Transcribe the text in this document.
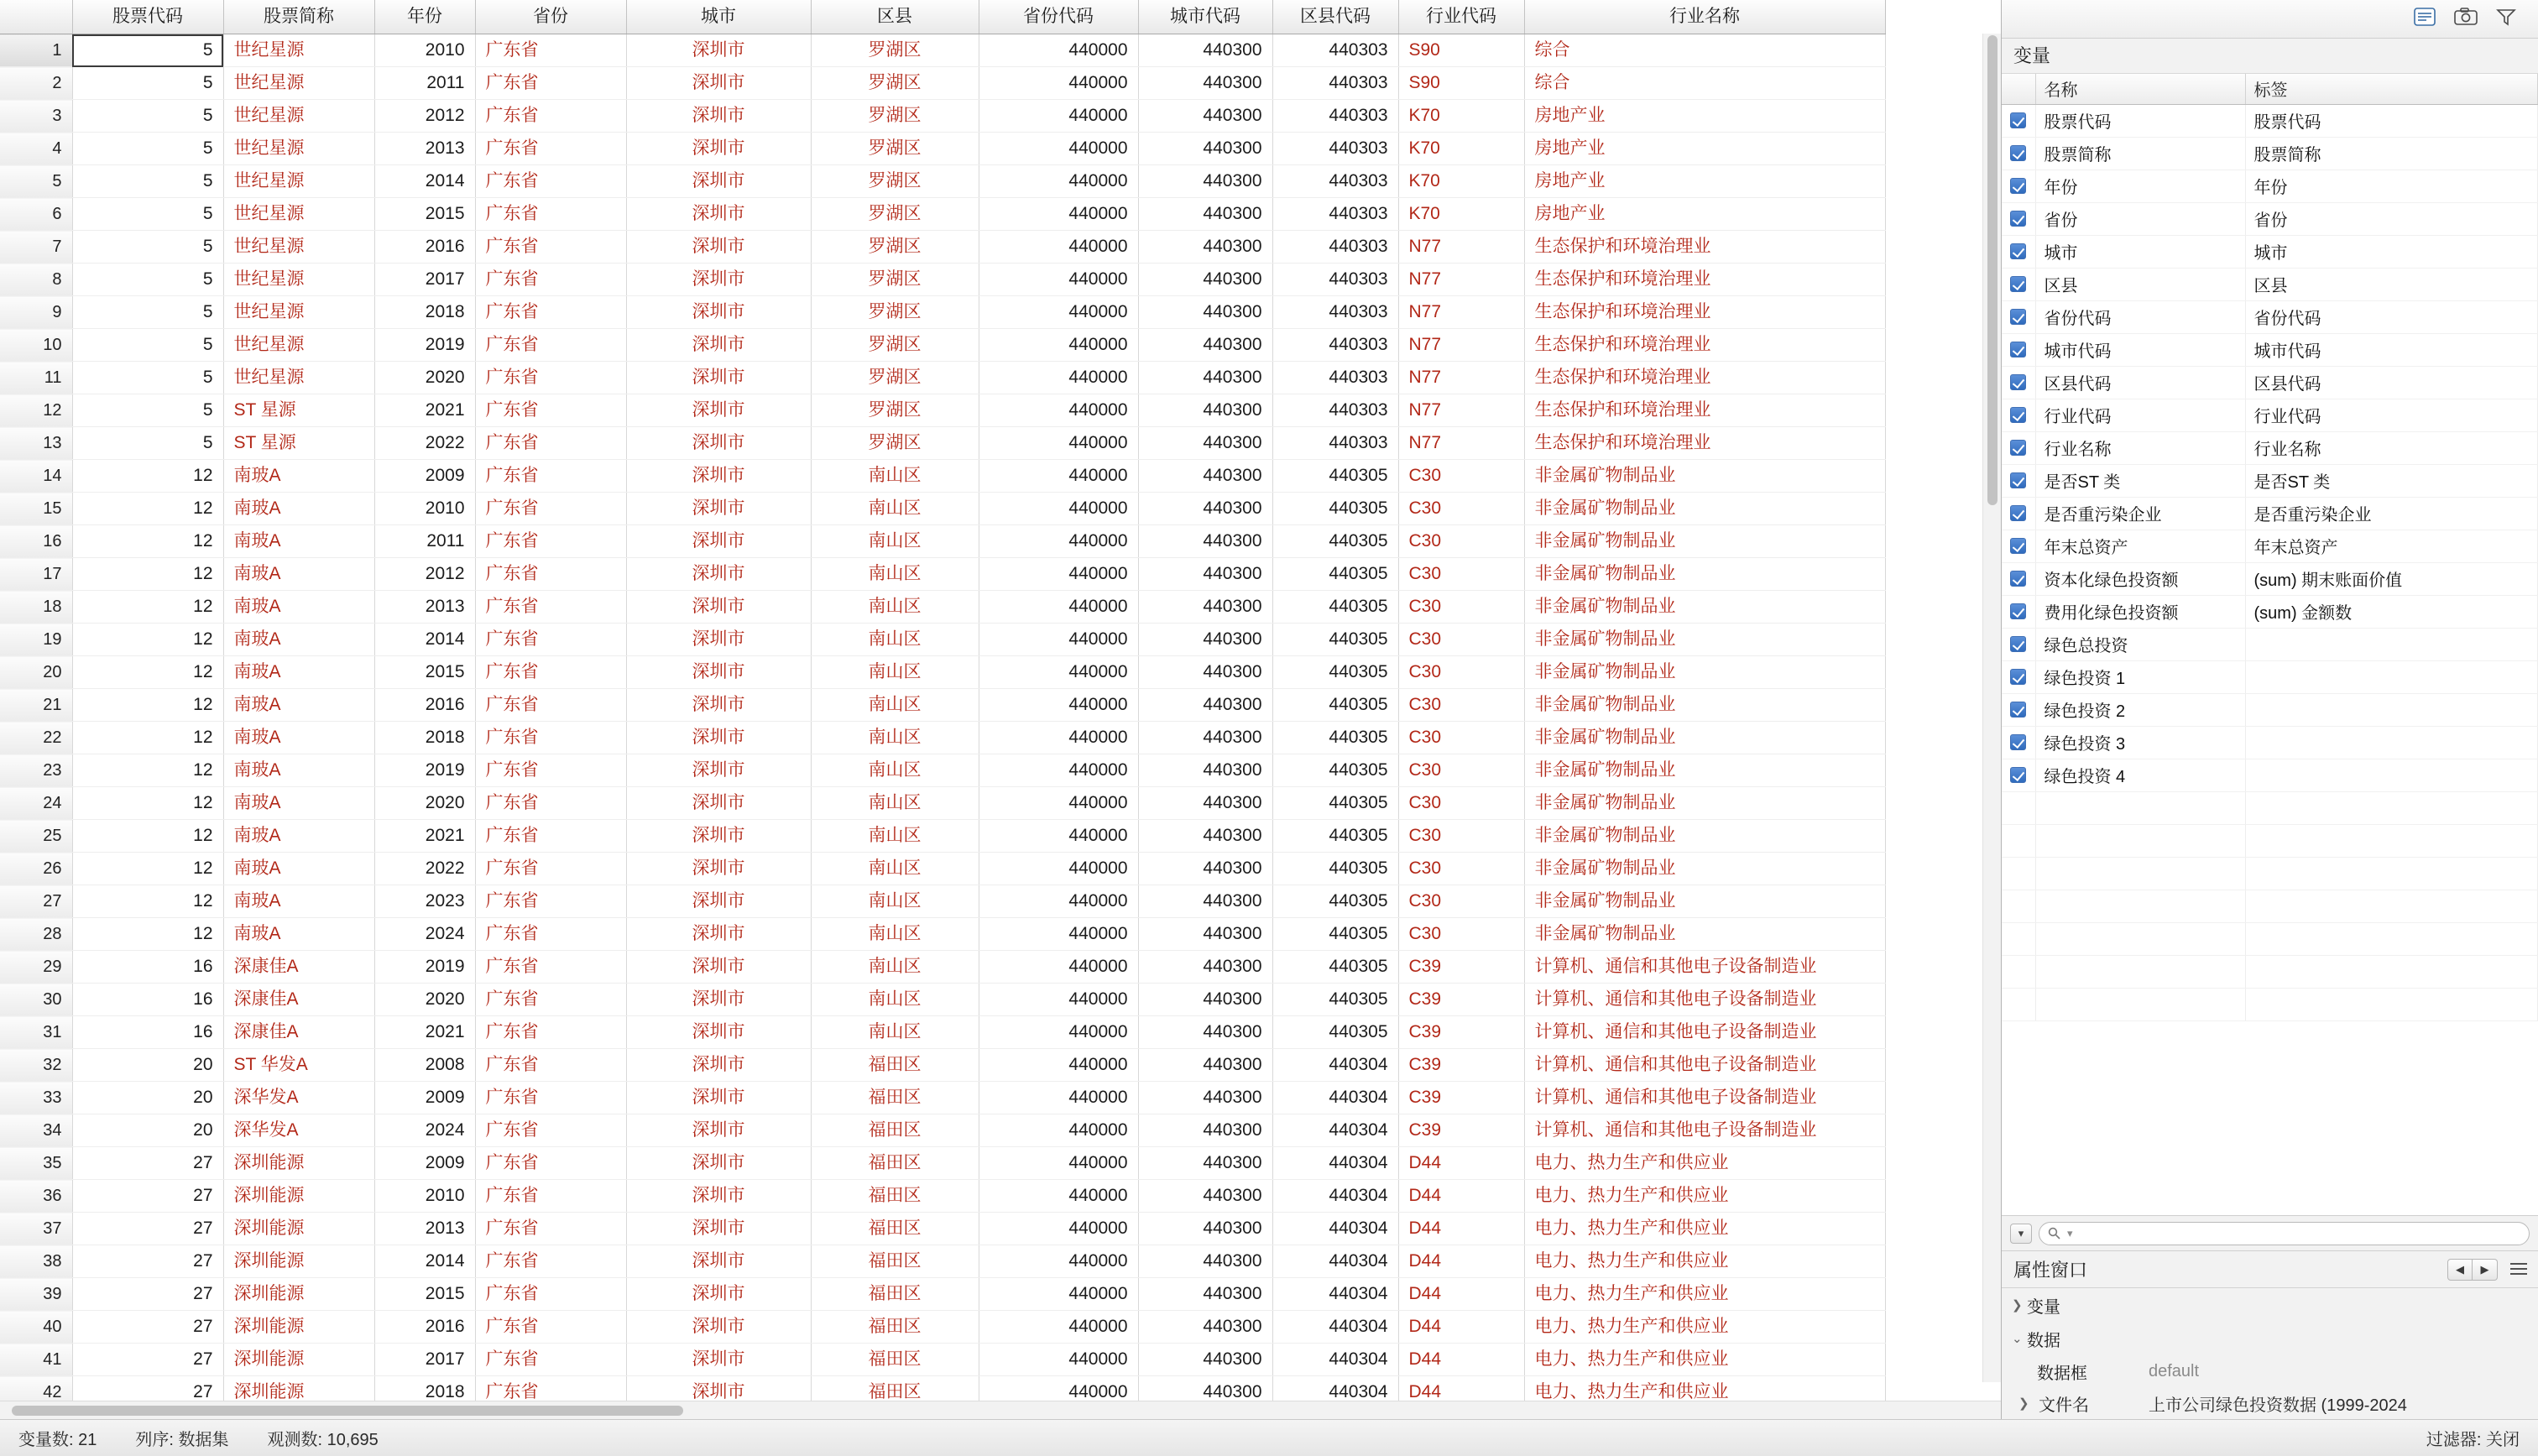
	股票代码	股票简称	年份	省份	城市	区县	省份代码	城市代码	区县代码	行业代码	行业名称
1	5	世纪星源	2010	广东省	深圳市	罗湖区	440000	440300	440303	S90	综合
2	5	世纪星源	2011	广东省	深圳市	罗湖区	440000	440300	440303	S90	综合
3	5	世纪星源	2012	广东省	深圳市	罗湖区	440000	440300	440303	K70	房地产业
4	5	世纪星源	2013	广东省	深圳市	罗湖区	440000	440300	440303	K70	房地产业
5	5	世纪星源	2014	广东省	深圳市	罗湖区	440000	440300	440303	K70	房地产业
6	5	世纪星源	2015	广东省	深圳市	罗湖区	440000	440300	440303	K70	房地产业
7	5	世纪星源	2016	广东省	深圳市	罗湖区	440000	440300	440303	N77	生态保护和环境治理业
8	5	世纪星源	2017	广东省	深圳市	罗湖区	440000	440300	440303	N77	生态保护和环境治理业
9	5	世纪星源	2018	广东省	深圳市	罗湖区	440000	440300	440303	N77	生态保护和环境治理业
10	5	世纪星源	2019	广东省	深圳市	罗湖区	440000	440300	440303	N77	生态保护和环境治理业
11	5	世纪星源	2020	广东省	深圳市	罗湖区	440000	440300	440303	N77	生态保护和环境治理业
12	5	ST 星源	2021	广东省	深圳市	罗湖区	440000	440300	440303	N77	生态保护和环境治理业
13	5	ST 星源	2022	广东省	深圳市	罗湖区	440000	440300	440303	N77	生态保护和环境治理业
14	12	南玻A	2009	广东省	深圳市	南山区	440000	440300	440305	C30	非金属矿物制品业
15	12	南玻A	2010	广东省	深圳市	南山区	440000	440300	440305	C30	非金属矿物制品业
16	12	南玻A	2011	广东省	深圳市	南山区	440000	440300	440305	C30	非金属矿物制品业
17	12	南玻A	2012	广东省	深圳市	南山区	440000	440300	440305	C30	非金属矿物制品业
18	12	南玻A	2013	广东省	深圳市	南山区	440000	440300	440305	C30	非金属矿物制品业
19	12	南玻A	2014	广东省	深圳市	南山区	440000	440300	440305	C30	非金属矿物制品业
20	12	南玻A	2015	广东省	深圳市	南山区	440000	440300	440305	C30	非金属矿物制品业
21	12	南玻A	2016	广东省	深圳市	南山区	440000	440300	440305	C30	非金属矿物制品业
22	12	南玻A	2018	广东省	深圳市	南山区	440000	440300	440305	C30	非金属矿物制品业
23	12	南玻A	2019	广东省	深圳市	南山区	440000	440300	440305	C30	非金属矿物制品业
24	12	南玻A	2020	广东省	深圳市	南山区	440000	440300	440305	C30	非金属矿物制品业
25	12	南玻A	2021	广东省	深圳市	南山区	440000	440300	440305	C30	非金属矿物制品业
26	12	南玻A	2022	广东省	深圳市	南山区	440000	440300	440305	C30	非金属矿物制品业
27	12	南玻A	2023	广东省	深圳市	南山区	440000	440300	440305	C30	非金属矿物制品业
28	12	南玻A	2024	广东省	深圳市	南山区	440000	440300	440305	C30	非金属矿物制品业
29	16	深康佳A	2019	广东省	深圳市	南山区	440000	440300	440305	C39	计算机、通信和其他电子设备制造业
30	16	深康佳A	2020	广东省	深圳市	南山区	440000	440300	440305	C39	计算机、通信和其他电子设备制造业
31	16	深康佳A	2021	广东省	深圳市	南山区	440000	440300	440305	C39	计算机、通信和其他电子设备制造业
32	20	ST 华发A	2008	广东省	深圳市	福田区	440000	440300	440304	C39	计算机、通信和其他电子设备制造业
33	20	深华发A	2009	广东省	深圳市	福田区	440000	440300	440304	C39	计算机、通信和其他电子设备制造业
34	20	深华发A	2024	广东省	深圳市	福田区	440000	440300	440304	C39	计算机、通信和其他电子设备制造业
35	27	深圳能源	2009	广东省	深圳市	福田区	440000	440300	440304	D44	电力、热力生产和供应业
36	27	深圳能源	2010	广东省	深圳市	福田区	440000	440300	440304	D44	电力、热力生产和供应业
37	27	深圳能源	2013	广东省	深圳市	福田区	440000	440300	440304	D44	电力、热力生产和供应业
38	27	深圳能源	2014	广东省	深圳市	福田区	440000	440300	440304	D44	电力、热力生产和供应业
39	27	深圳能源	2015	广东省	深圳市	福田区	440000	440300	440304	D44	电力、热力生产和供应业
40	27	深圳能源	2016	广东省	深圳市	福田区	440000	440300	440304	D44	电力、热力生产和供应业
41	27	深圳能源	2017	广东省	深圳市	福田区	440000	440300	440304	D44	电力、热力生产和供应业
42	27	深圳能源	2018	广东省	深圳市	福田区	440000	440300	440304	D44	电力、热力生产和供应业
变量
	名称	标签
	股票代码	股票代码
	股票简称	股票简称
	年份	年份
	省份	省份
	城市	城市
	区县	区县
	省份代码	省份代码
	城市代码	城市代码
	区县代码	区县代码
	行业代码	行业代码
	行业名称	行业名称
	是否ST 类	是否ST 类
	是否重污染企业	是否重污染企业
	年末总资产	年末总资产
	资本化绿色投资额	(sum) 期末账面价值
	费用化绿色投资额	(sum) 金额数
	绿色总投资	
	绿色投资 1	
	绿色投资 2	
	绿色投资 3	
	绿色投资 4	

▾	▾
属性窗口	◀	▶
❯ 变量
⌄ 数据
数据框	default
❯ 文件名	上市公司绿色投资数据 (1999-2024
变量数: 21 列序: 数据集 观测数: 10,695	过滤器: 关闭
